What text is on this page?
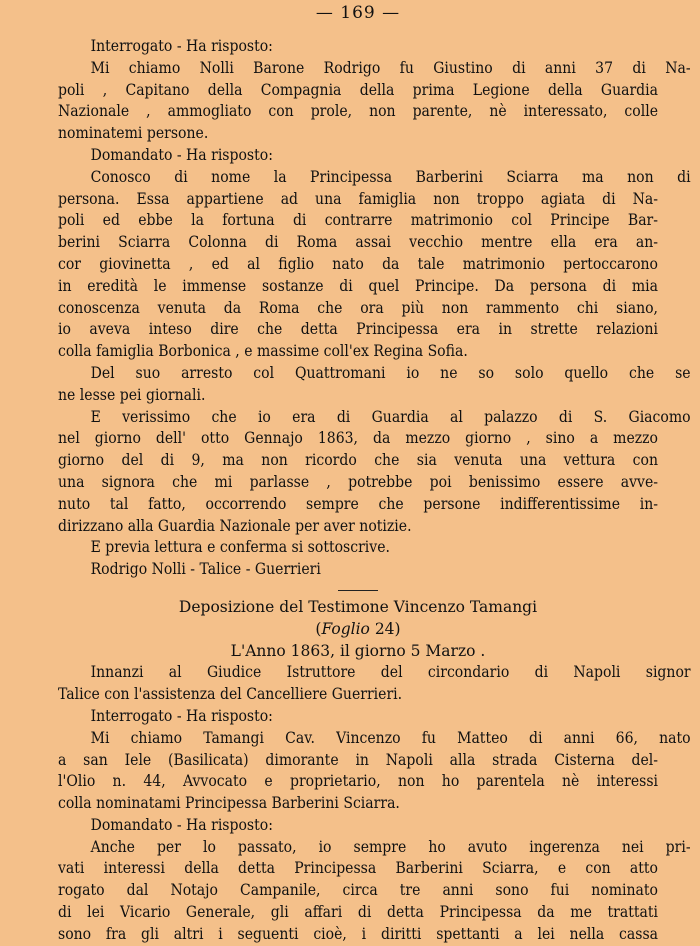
— 169 —
Interrogato - Ha risposto:
Mi chiamo Nolli Barone Rodrigo fu Giustino di anni 37 di Na-
poli , Capitano della Compagnia della prima Legione della Guardia
Nazionale , ammogliato con prole, non parente, nè interessato, colle
nominatemi persone.
Domandato - Ha risposto:
Conosco di nome la Principessa Barberini Sciarra ma non di
persona. Essa appartiene ad una famiglia non troppo agiata di Na-
poli ed ebbe la fortuna di contrarre matrimonio col Principe Bar-
berini Sciarra Colonna di Roma assai vecchio mentre ella era an-
cor giovinetta , ed al figlio nato da tale matrimonio pertoccarono
in eredità le immense sostanze di quel Principe. Da persona di mia
conoscenza venuta da Roma che ora più non rammento chi siano,
io aveva inteso dire che detta Principessa era in strette relazioni
colla famiglia Borbonica , e massime coll'ex Regina Sofia.
Del suo arresto col Quattromani io ne so solo quello che se
ne lesse pei giornali.
E verissimo che io era di Guardia al palazzo di S. Giacomo
nel giorno dell' otto Gennajo 1863, da mezzo giorno , sino a mezzo
giorno del di 9, ma non ricordo che sia venuta una vettura con
una signora che mi parlasse , potrebbe poi benissimo essere avve-
nuto tal fatto, occorrendo sempre che persone indifferentissime in-
dirizzano alla Guardia Nazionale per aver notizie.
E previa lettura e conferma si sottoscrive.
Rodrigo Nolli - Talice - Guerrieri
Deposizione del Testimone Vincenzo Tamangi
(Foglio 24)
L'Anno 1863, il giorno 5 Marzo .
Innanzi al Giudice Istruttore del circondario di Napoli signor
Talice con l'assistenza del Cancelliere Guerrieri.
Interrogato - Ha risposto:
Mi chiamo Tamangi Cav. Vincenzo fu Matteo di anni 66, nato
a san Iele (Basilicata) dimorante in Napoli alla strada Cisterna del-
l'Olio n. 44, Avvocato e proprietario, non ho parentela nè interessi
colla nominatami Principessa Barberini Sciarra.
Domandato - Ha risposto:
Anche per lo passato, io sempre ho avuto ingerenza nei pri-
vati interessi della detta Principessa Barberini Sciarra, e con atto
rogato dal Notajo Campanile, circa tre anni sono fui nominato
di lei Vicario Generale, gli affari di detta Principessa da me trattati
sono fra gli altri i seguenti cioè, i diritti spettanti a lei nella cassa
